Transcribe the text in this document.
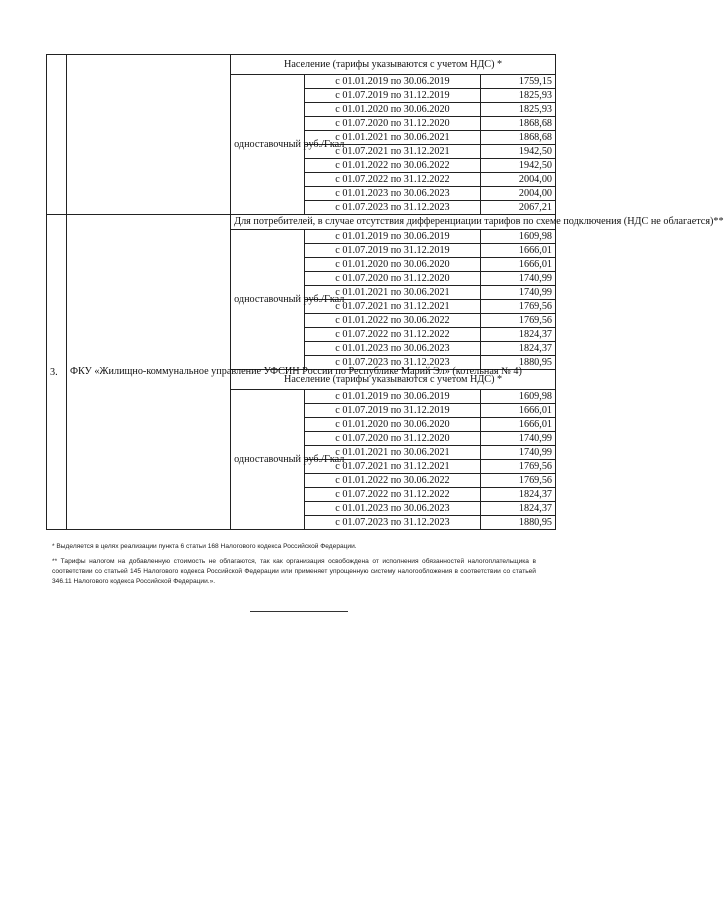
		Население (тарифы указываются с учетом НДС) *		
		одноставочный руб./Гкал	с 01.01.2019 по 30.06.2019	1759,15
			с 01.07.2019 по 31.12.2019	1825,93
			с 01.01.2020 по 30.06.2020	1825,93
			с 01.07.2020 по 31.12.2020	1868,68
			с 01.01.2021 по 30.06.2021	1868,68
			с 01.07.2021 по 31.12.2021	1942,50
			с 01.01.2022 по 30.06.2022	1942,50
			с 01.07.2022 по 31.12.2022	2004,00
			с 01.01.2023 по 30.06.2023	2004,00
			с 01.07.2023 по 31.12.2023	2067,21
3.	ФКУ «Жилищно-коммунальное управление УФСИН России по Республике Марий Эл» (котельная № 4)	Для потребителей, в случае отсутствия дифференциации тарифов по схеме подключения (НДС не облагается)**		
		одноставочный руб./Гкал	с 01.01.2019 по 30.06.2019	1609,98
			с 01.07.2019 по 31.12.2019	1666,01
			с 01.01.2020 по 30.06.2020	1666,01
			с 01.07.2020 по 31.12.2020	1740,99
			с 01.01.2021 по 30.06.2021	1740,99
			с 01.07.2021 по 31.12.2021	1769,56
			с 01.01.2022 по 30.06.2022	1769,56
			с 01.07.2022 по 31.12.2022	1824,37
			с 01.01.2023 по 30.06.2023	1824,37
			с 01.07.2023 по 31.12.2023	1880,95
		Население (тарифы указываются с учетом НДС) *		
		одноставочный руб./Гкал	с 01.01.2019 по 30.06.2019	1609,98
			с 01.07.2019 по 31.12.2019	1666,01
			с 01.01.2020 по 30.06.2020	1666,01
			с 01.07.2020 по 31.12.2020	1740,99
			с 01.01.2021 по 30.06.2021	1740,99
			с 01.07.2021 по 31.12.2021	1769,56
			с 01.01.2022 по 30.06.2022	1769,56
			с 01.07.2022 по 31.12.2022	1824,37
			с 01.01.2023 по 30.06.2023	1824,37
			с 01.07.2023 по 31.12.2023	1880,95

* Выделяется в целях реализации пункта 6 статьи 168 Налогового кодекса Российской Федерации.

** Тарифы налогом на добавленную стоимость не облагаются, так как организация освобождена от исполнения обязанностей налогоплательщика в соответствии со статьей 145 Налогового кодекса Российской Федерации или применяет упрощенную систему налогообложения в соответствии со статьей 346.11 Налогового кодекса Российской Федерации.».
